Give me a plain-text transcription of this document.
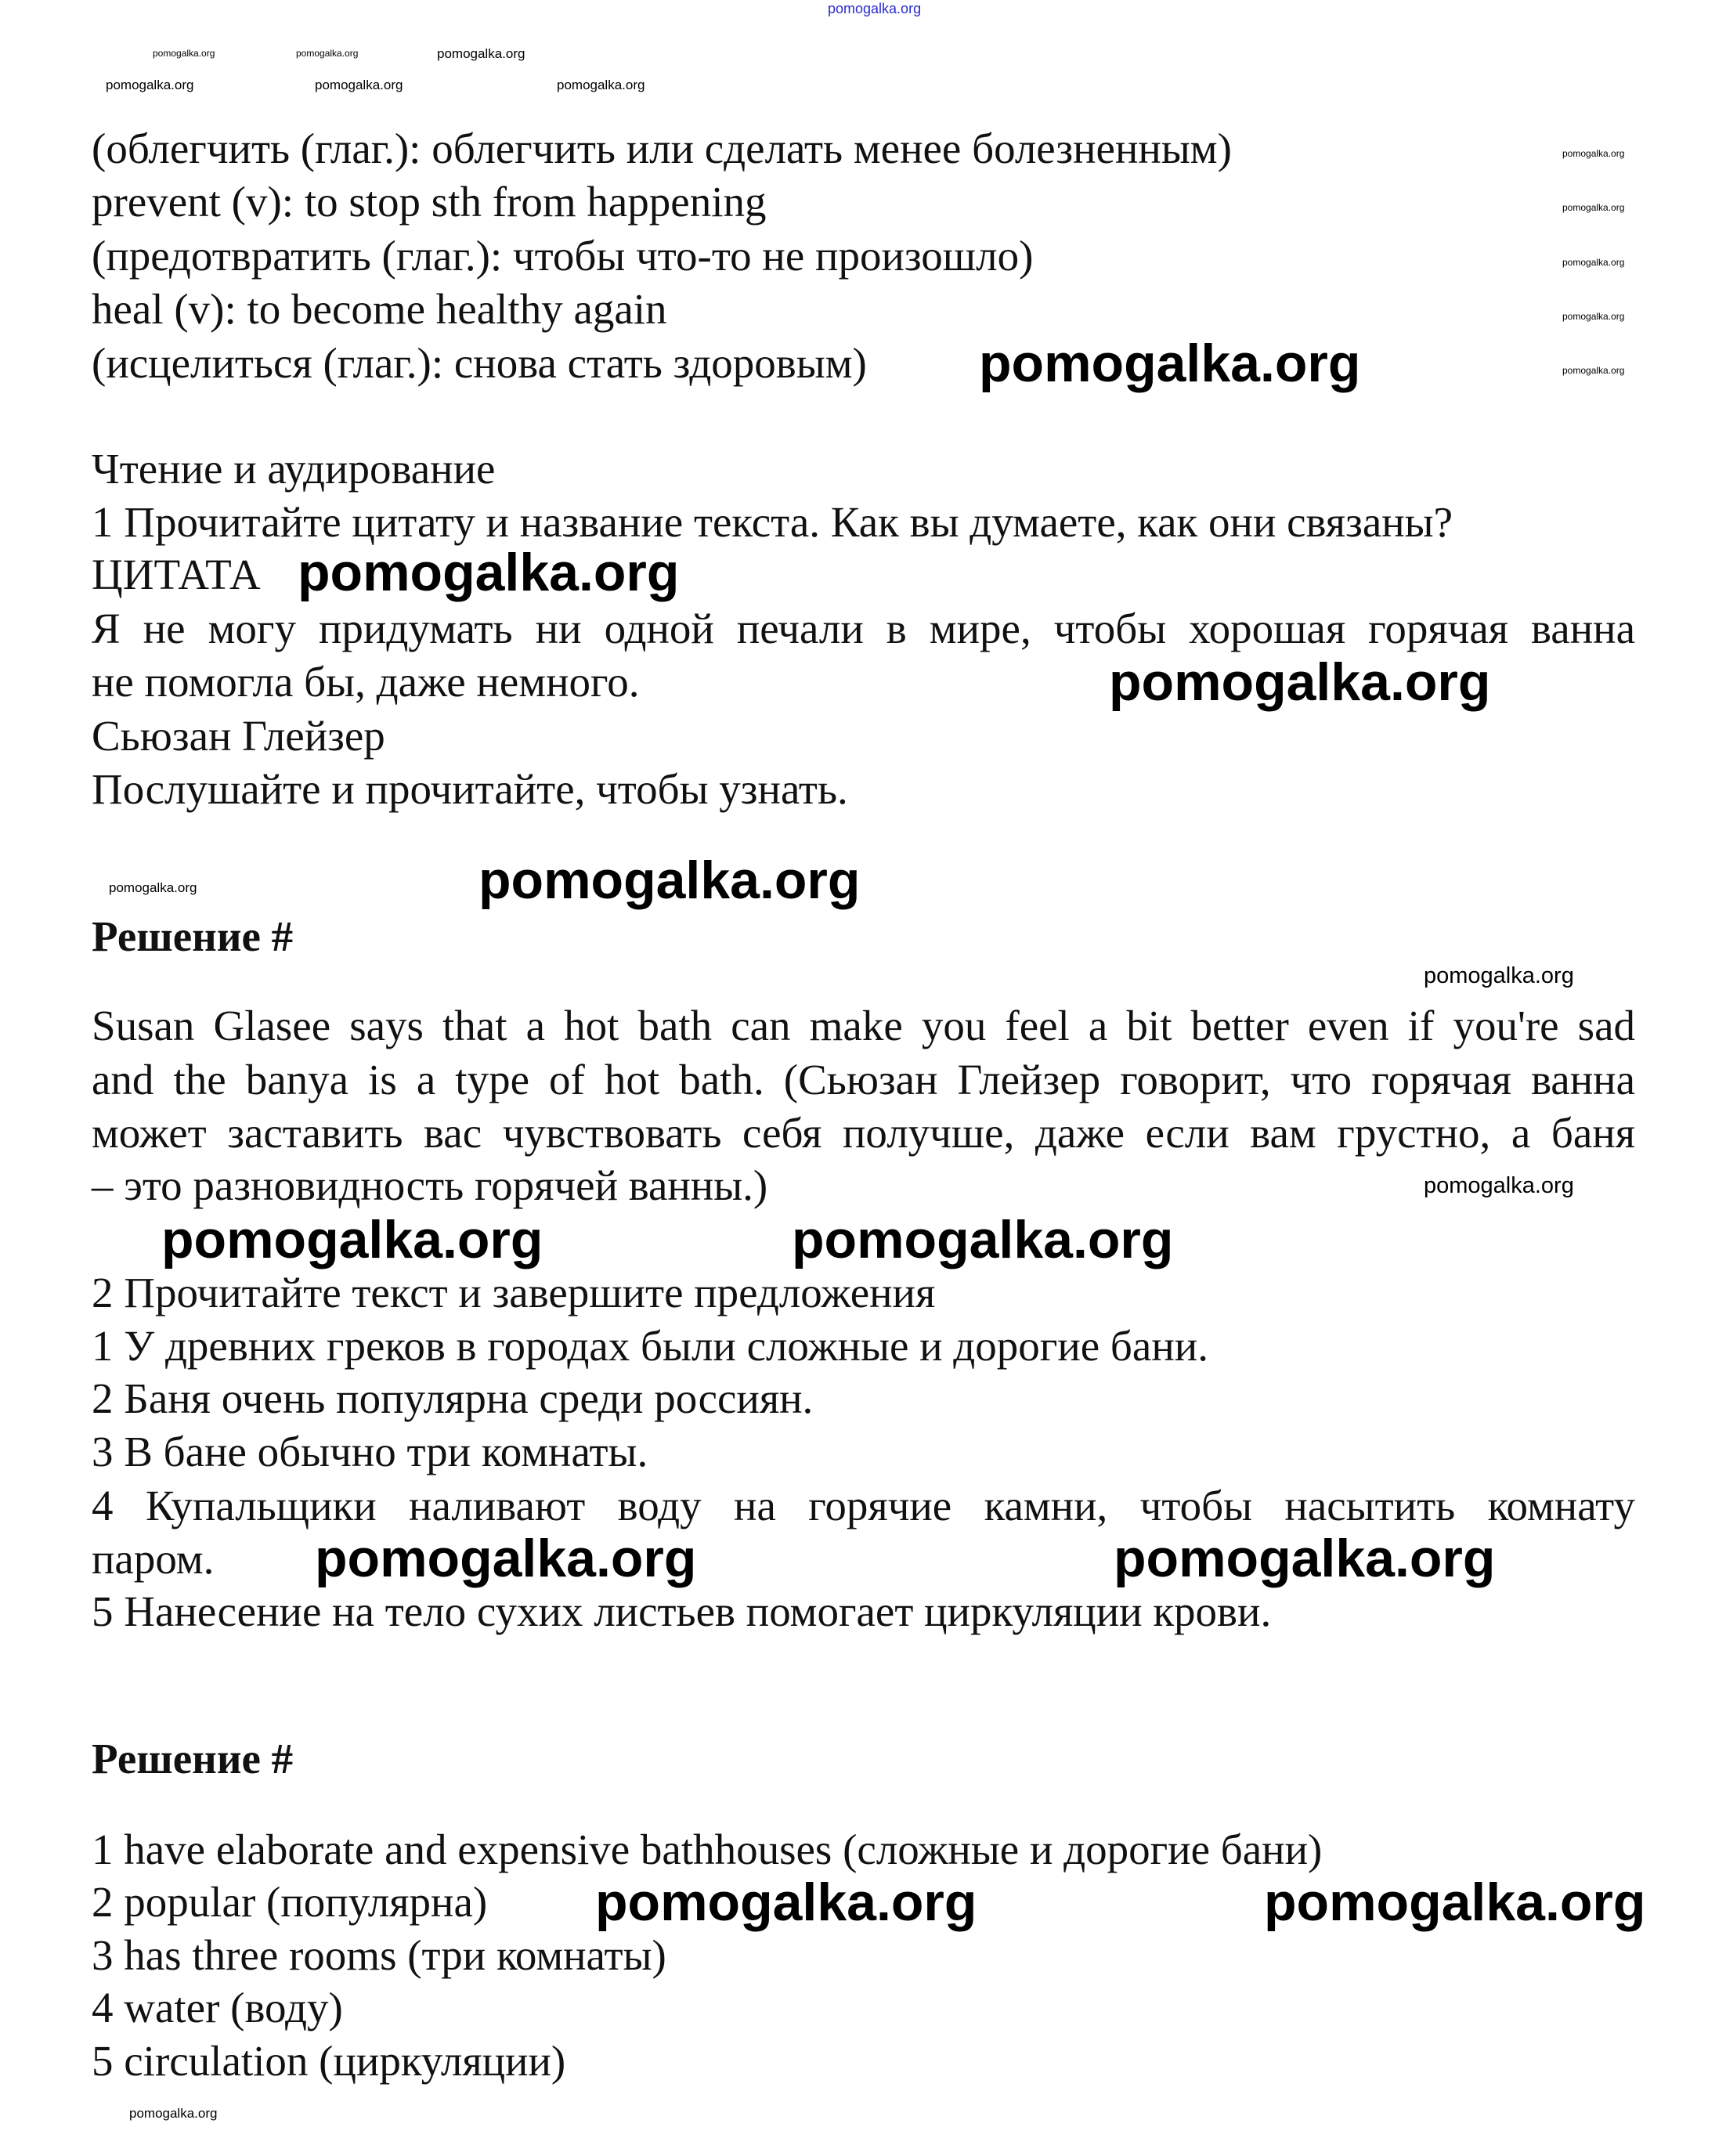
pomogalka.org
(облегчить (глаг.): облегчить или сделать менее болезненным)
prevent (v): to stop sth from happening
(предотвратить (глаг.): чтобы что-то не произошло)
heal (v): to become healthy again
(исцелиться (глаг.): снова стать здоровым)
Чтение и аудирование
1 Прочитайте цитату и название текста. Как вы думаете, как они связаны?
ЦИТАТА
Я не могу придумать ни одной печали в мире, чтобы хорошая горячая ванна
не помогла бы, даже немного.
Сьюзан Глейзер
Послушайте и прочитайте, чтобы узнать.
Решение #
Susan Glasee says that a hot bath can make you feel a bit better even if you're sad
and the banya is a type of hot bath. (Сьюзан Глейзер говорит, что горячая ванна
может заставить вас чувствовать себя получше, даже если вам грустно, а баня
– это разновидность горячей ванны.)
2 Прочитайте текст и завершите предложения
1 У древних греков в городах были сложные и дорогие бани.
2 Баня очень популярна среди россиян.
3 В бане обычно три комнаты.
4 Купальщики наливают воду на горячие камни, чтобы насытить комнату
паром.
5 Нанесение на тело сухих листьев помогает циркуляции крови.
Решение #
1 have elaborate and expensive bathhouses (сложные и дорогие бани)
2 popular (популярна)
3 has three rooms (три комнаты)
4 water (воду)
5 circulation (циркуляции)
pomogalka.org
pomogalka.org
pomogalka.org
pomogalka.org
pomogalka.org	pomogalka.org
pomogalka.org	pomogalka.org
pomogalka.org	pomogalka.org
pomogalka.org
pomogalka.org
pomogalka.org
pomogalka.org
pomogalka.org
pomogalka.org
pomogalka.org	pomogalka.org
pomogalka.org	pomogalka.org
pomogalka.org
pomogalka.org
pomogalka.org
pomogalka.org
pomogalka.org
